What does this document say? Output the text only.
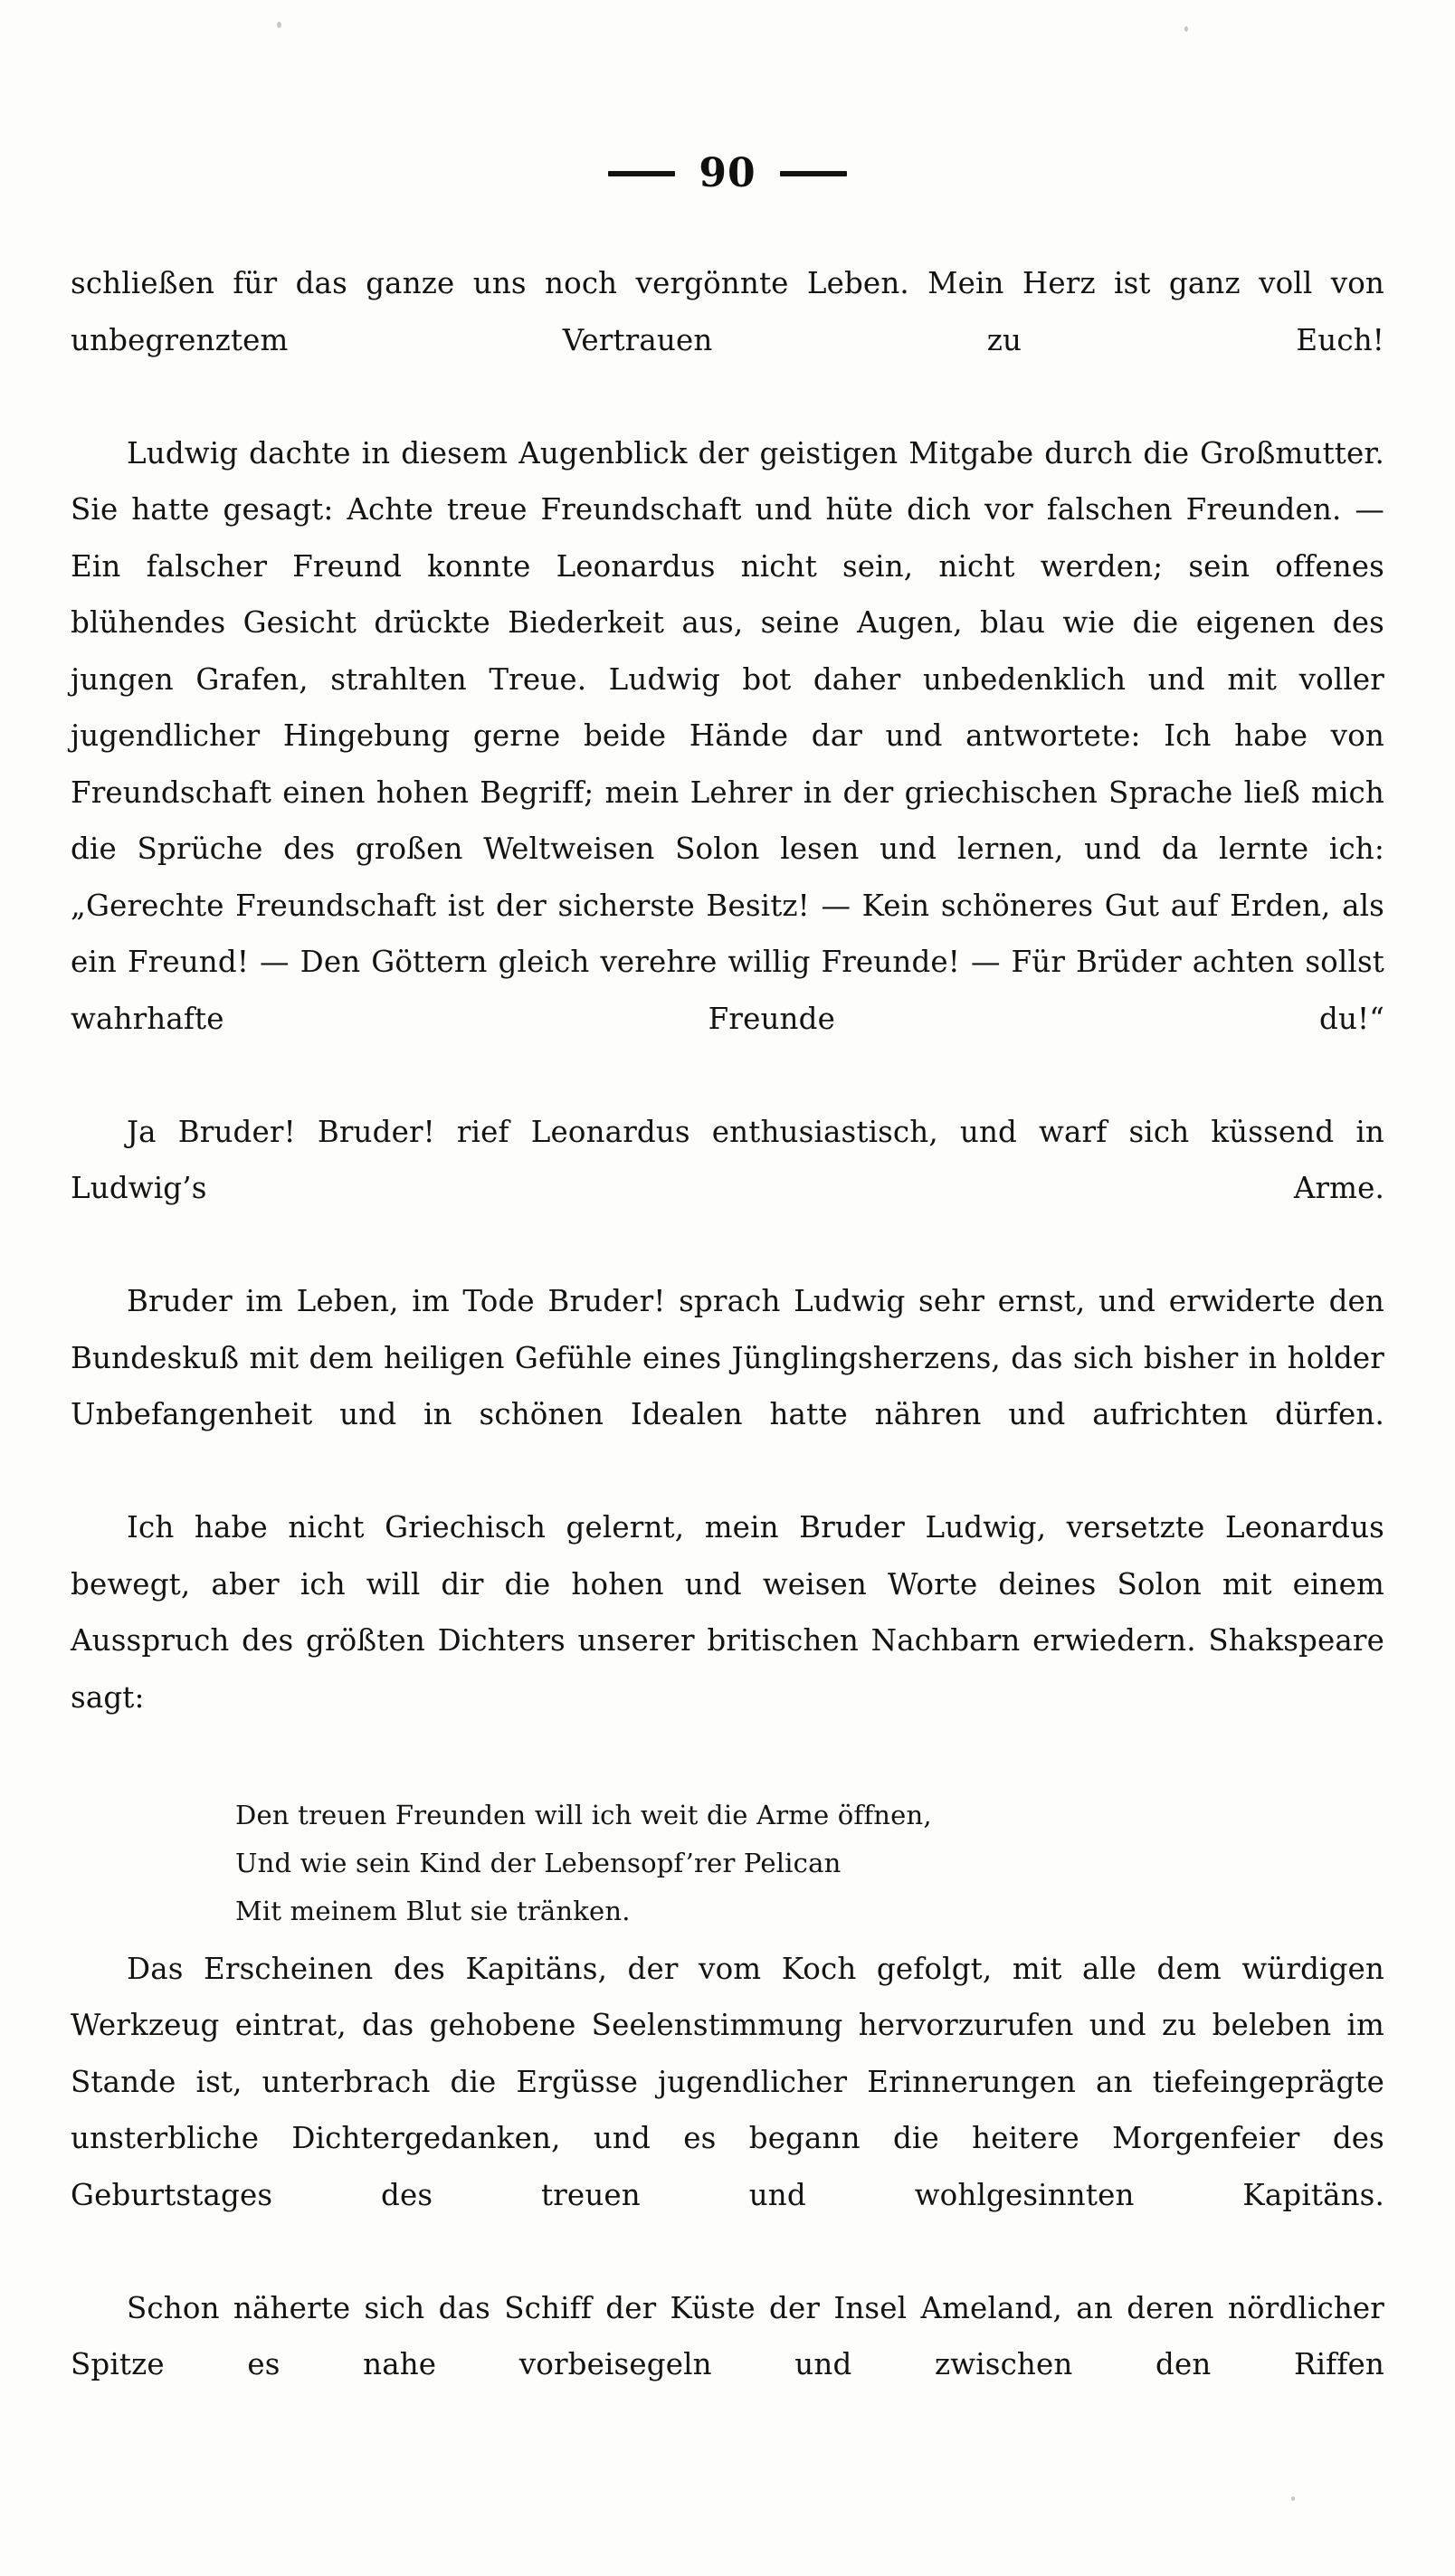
90

schließen für das ganze uns noch vergönnte Leben. Mein Herz ist ganz voll von unbegrenztem Vertrauen zu Euch!

Ludwig dachte in diesem Augenblick der geistigen Mitgabe durch die Großmutter. Sie hatte gesagt: Achte treue Freundschaft und hüte dich vor falschen Freunden. — Ein falscher Freund konnte Leonardus nicht sein, nicht werden; sein offenes blühendes Gesicht drückte Biederkeit aus, seine Augen, blau wie die eigenen des jungen Grafen, strahlten Treue. Ludwig bot daher unbedenklich und mit voller jugendlicher Hingebung gerne beide Hände dar und antwortete: Ich habe von Freundschaft einen hohen Begriff; mein Lehrer in der griechischen Sprache ließ mich die Sprüche des großen Weltweisen Solon lesen und lernen, und da lernte ich: „Gerechte Freundschaft ist der sicherste Besitz! — Kein schöneres Gut auf Erden, als ein Freund! — Den Göttern gleich verehre willig Freunde! — Für Brüder achten sollst wahrhafte Freunde du!“

Ja Bruder! Bruder! rief Leonardus enthusiastisch, und warf sich küssend in Ludwig’s Arme.

Bruder im Leben, im Tode Bruder! sprach Ludwig sehr ernst, und erwiderte den Bundeskuß mit dem heiligen Gefühle eines Jünglingsherzens, das sich bisher in holder Unbefangenheit und in schönen Idealen hatte nähren und aufrichten dürfen.

Ich habe nicht Griechisch gelernt, mein Bruder Ludwig, versetzte Leonardus bewegt, aber ich will dir die hohen und weisen Worte deines Solon mit einem Ausspruch des größten Dichters unserer britischen Nachbarn erwiedern. Shakspeare sagt:

Den treuen Freunden will ich weit die Arme öffnen,
Und wie sein Kind der Lebensopf’rer Pelican
Mit meinem Blut sie tränken.

Das Erscheinen des Kapitäns, der vom Koch gefolgt, mit alle dem würdigen Werkzeug eintrat, das gehobene Seelenstimmung hervorzurufen und zu beleben im Stande ist, unterbrach die Ergüsse jugendlicher Erinnerungen an tiefeingeprägte unsterbliche Dichtergedanken, und es begann die heitere Morgenfeier des Geburtstages des treuen und wohlgesinnten Kapitäns.

Schon näherte sich das Schiff der Küste der Insel Ameland, an deren nördlicher Spitze es nahe vorbeisegeln und zwischen den Riffen
